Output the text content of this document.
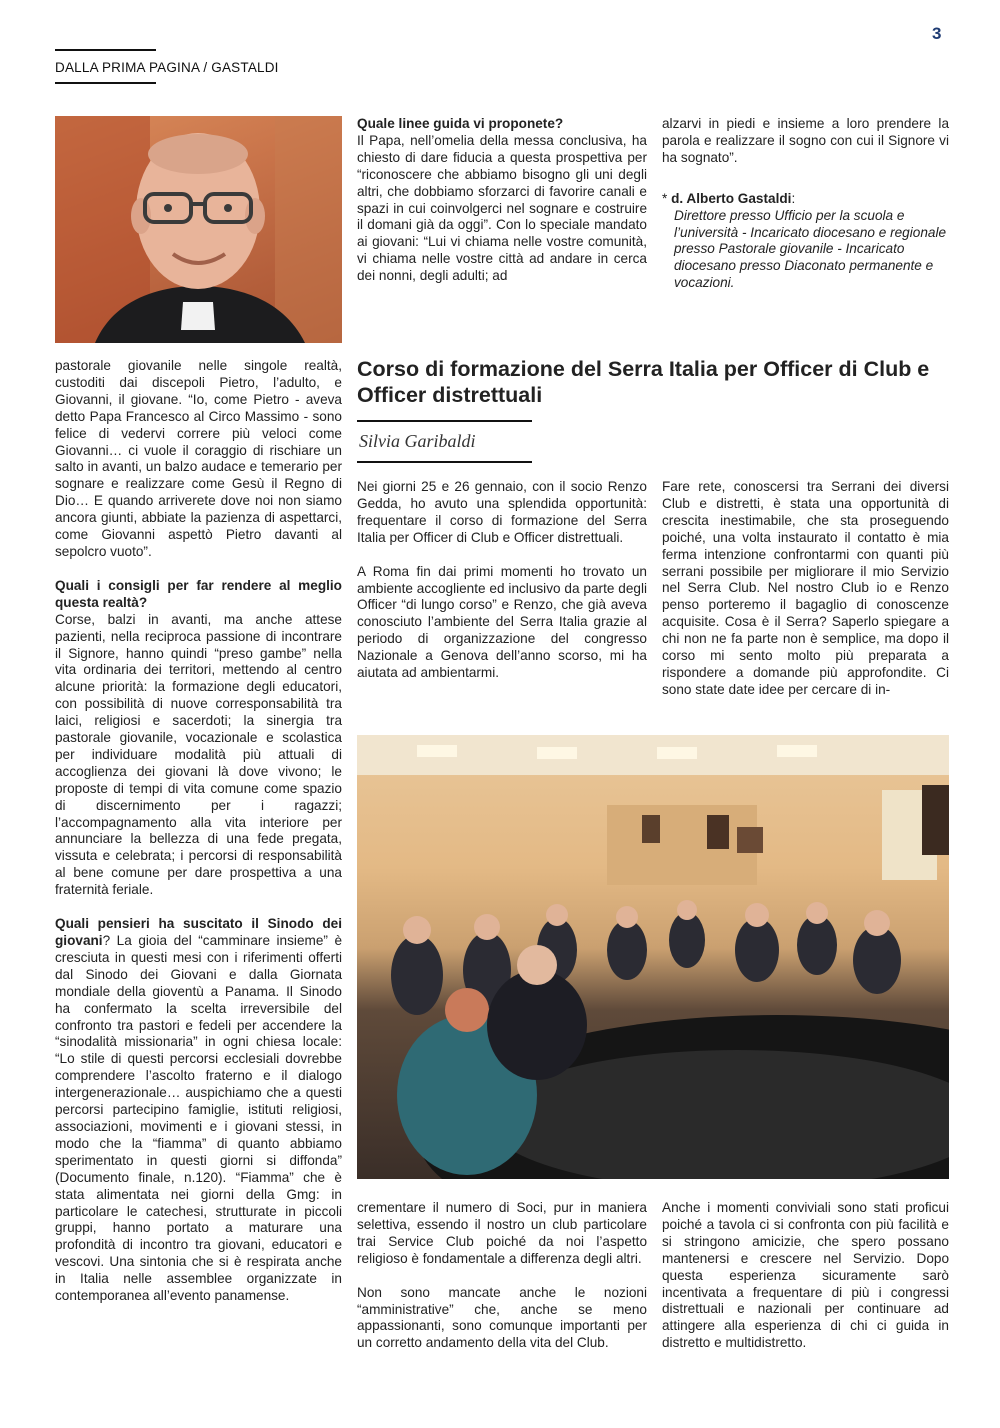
3
DALLA PRIMA PAGINA / GASTALDI

pastorale giovanile nelle singole realtà, custoditi dai discepoli Pietro, l’adulto, e Giovanni, il giovane. “Io, come Pietro - aveva detto Papa Francesco al Circo Massimo - sono felice di vedervi correre più veloci come Giovanni… ci vuole il coraggio di rischiare un salto in avanti, un balzo audace e temerario per sognare e realizzare come Gesù il Regno di Dio… E quando arriverete dove noi non siamo ancora giunti, abbiate la pazienza di aspettarci, come Giovanni aspettò Pietro davanti al sepolcro vuoto”.

Quali i consigli per far rendere al meglio questa realtà?

Corse, balzi in avanti, ma anche attese pazienti, nella reciproca passione di incontrare il Signore, hanno quindi “preso gambe” nella vita ordinaria dei territori, mettendo al centro alcune priorità: la formazione degli educatori, con possibilità di nuove corresponsabilità tra laici, religiosi e sacerdoti; la sinergia tra pastorale giovanile, vocazionale e scolastica per individuare modalità più attuali di accoglienza dei giovani là dove vivono; le proposte di tempi di vita comune come spazio di discernimento per i ragazzi; l’accompagnamento alla vita interiore per annunciare la bellezza di una fede pregata, vissuta e celebrata; i percorsi di responsabilità al bene comune per dare prospettiva a una fraternità feriale.

Quali pensieri ha suscitato il Sinodo dei giovani? La gioia del “camminare insieme” è cresciuta in questi mesi con i riferimenti offerti dal Sinodo dei Giovani e dalla Giornata mondiale della gioventù a Panama. Il Sinodo ha confermato la scelta irreversibile del confronto tra pastori e fedeli per accendere la “sinodalità missionaria” in ogni chiesa locale: “Lo stile di questi percorsi ecclesiali dovrebbe comprendere l’ascolto fraterno e il dialogo intergenerazionale… auspichiamo che a questi percorsi partecipino famiglie, istituti religiosi, associazioni, movimenti e i giovani stessi, in modo che la “fiamma” di quanto abbiamo sperimentato in questi giorni si diffonda” (Documento finale, n.120). “Fiamma” che è stata alimentata nei giorni della Gmg: in particolare le catechesi, strutturate in piccoli gruppi, hanno portato a maturare una profondità di incontro tra giovani, educatori e vescovi. Una sintonia che si è respirata anche in Italia nelle assemblee organizzate in contemporanea all’evento panamense.

Quale linee guida vi proponete?

Il Papa, nell’omelia della messa conclusiva, ha chiesto di dare fiducia a questa prospettiva per “riconoscere che abbiamo bisogno gli uni degli altri, che dobbiamo sforzarci di favorire canali e spazi in cui coinvolgerci nel sognare e costruire il domani già da oggi”. Con lo speciale mandato ai giovani: “Lui vi chiama nelle vostre comunità, vi chiama nelle vostre città ad andare in cerca dei nonni, degli adulti; ad

alzarvi in piedi e insieme a loro prendere la parola e realizzare il sogno con cui il Signore vi ha sognato”.

* d. Alberto Gastaldi:

Direttore presso Ufficio per la scuola e l’università - Incaricato diocesano e regionale presso Pastorale giovanile - Incaricato diocesano presso Diaconato permanente e vocazioni.

Corso di formazione del Serra Italia per Officer di Club e Officer distrettuali
Silvia Garibaldi

Nei giorni 25 e 26 gennaio, con il socio Renzo Gedda, ho avuto una splendida opportunità: frequentare il corso di formazione del Serra Italia per Officer di Club e Officer distrettuali.

A Roma fin dai primi momenti ho trovato un ambiente accogliente ed inclusivo da parte degli Officer “di lungo corso” e Renzo, che già aveva conosciuto l’ambiente del Serra Italia grazie al periodo di organizzazione del congresso Nazionale a Genova dell’anno scorso, mi ha aiutata ad ambientarmi.

Fare rete, conoscersi tra Serrani dei diversi Club e distretti, è stata una opportunità di crescita inestimabile, che sta proseguendo poiché, una volta instaurato il contatto è mia ferma intenzione confrontarmi con quanti più serrani possibile per migliorare il mio Servizio nel Serra Club. Nel nostro Club io e Renzo penso porteremo il bagaglio di conoscenze acquisite. Cosa è il Serra? Saperlo spiegare a chi non ne fa parte non è semplice, ma dopo il corso mi sento molto più preparata a rispondere a domande più approfondite. Ci sono state date idee per cercare di in-

crementare il numero di Soci, pur in maniera selettiva, essendo il nostro un club particolare trai Service Club poiché da noi l’aspetto religioso è fondamentale a differenza degli altri.

Non sono mancate anche le nozioni “amministrative” che, anche se meno appassionanti, sono comunque importanti per un corretto andamento della vita del Club.

Anche i momenti conviviali sono stati proficui poiché a tavola ci si confronta con più facilità e si stringono amicizie, che spero possano mantenersi e crescere nel Servizio. Dopo questa esperienza sicuramente sarò incentivata a frequentare di più i congressi distrettuali e nazionali per continuare ad attingere alla esperienza di chi ci guida in distretto e multidistretto.
